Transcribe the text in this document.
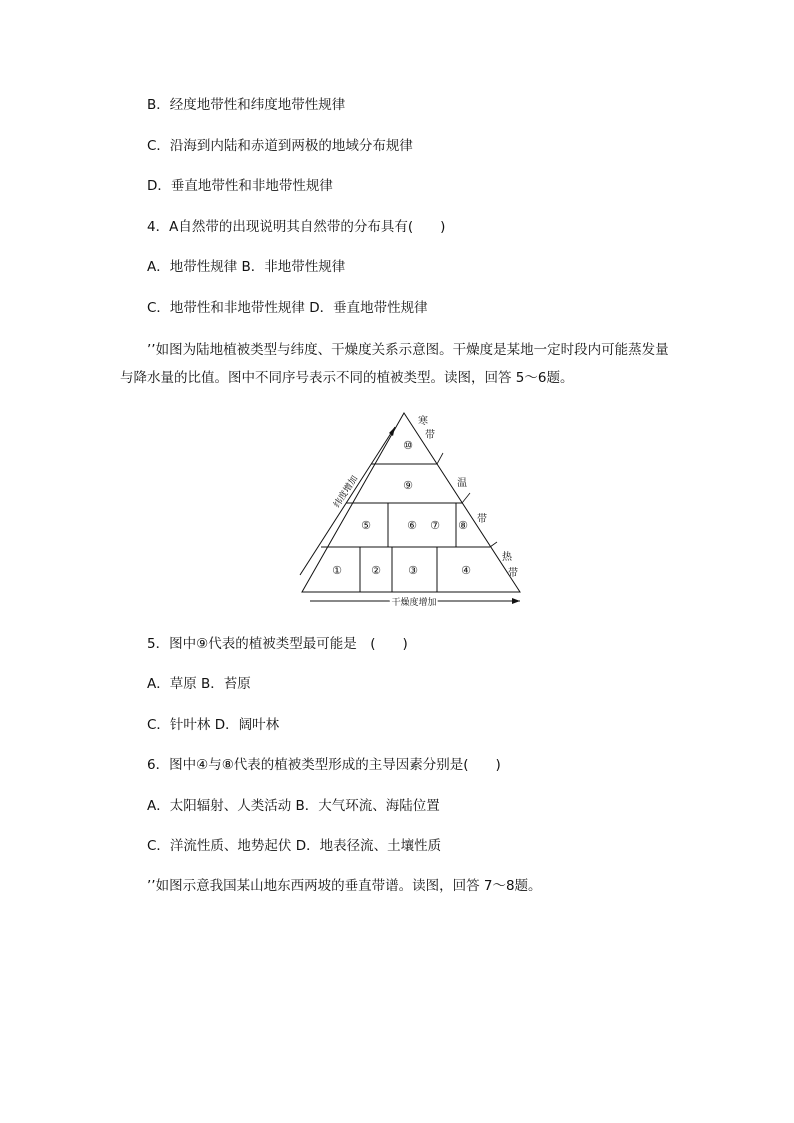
B．经度地带性和纬度地带性规律
C．沿海到内陆和赤道到两极的地域分布规律
D．垂直地带性和非地带性规律
4．A自然带的出现说明其自然带的分布具有(　　)
A．地带性规律 B．非地带性规律
C．地带性和非地带性规律 D．垂直地带性规律
’’如图为陆地植被类型与纬度、干燥度关系示意图。干燥度是某地一定时段内可能蒸发量与降水量的比值。图中不同序号表示不同的植被类型。读图，回答 5～6题。
⑩
⑨
⑤	⑥ ⑦ ⑧
①	② ③	④
寒
带
温
带
热
带
纬度增加
干燥度增加
5．图中⑨代表的植被类型最可能是　(　　)
A．草原 B．苔原
C．针叶林 D．阔叶林
6．图中④与⑧代表的植被类型形成的主导因素分别是(　　)
A．太阳辐射、人类活动 B．大气环流、海陆位置
C．洋流性质、地势起伏 D．地表径流、土壤性质
’’如图示意我国某山地东西两坡的垂直带谱。读图，回答 7～8题。
